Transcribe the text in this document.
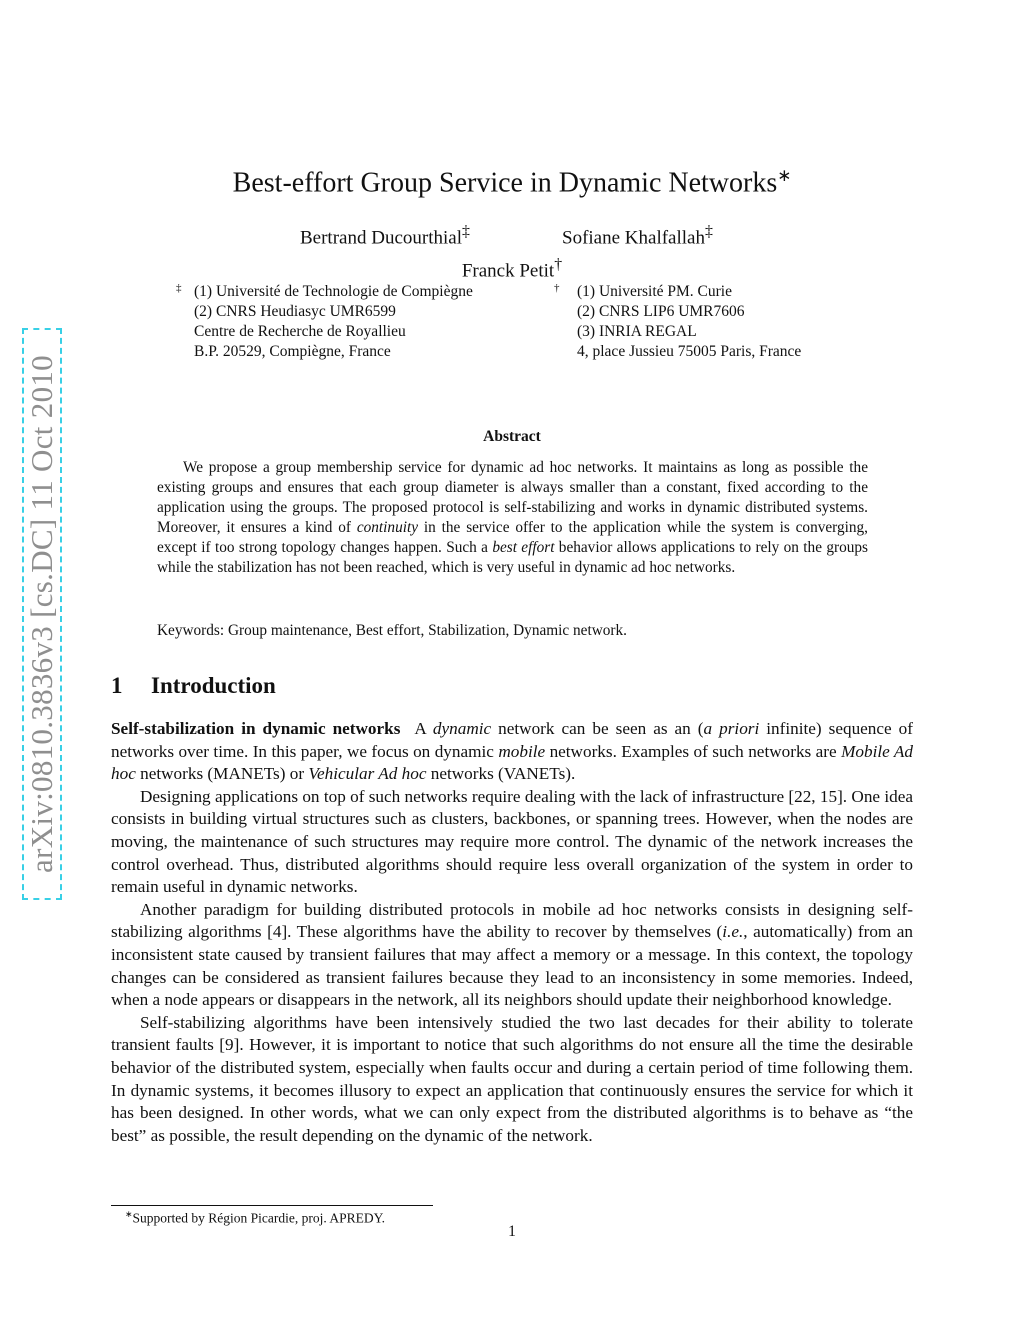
arXiv:0810.3836v3 [cs.DC] 11 Oct 2010
Best-effort Group Service in Dynamic Networks∗
Bertrand Ducourthial‡	Sofiane Khalfallah‡
Franck Petit†
‡ (1) Université de Technologie de Compiègne
(2) CNRS Heudiasyc UMR6599
Centre de Recherche de Royallieu
B.P. 20529, Compiègne, France
† (1) Université PM. Curie
(2) CNRS LIP6 UMR7606
(3) INRIA REGAL
4, place Jussieu 75005 Paris, France
Abstract

We propose a group membership service for dynamic ad hoc networks. It maintains as long as possible the existing groups and ensures that each group diameter is always smaller than a constant, fixed according to the application using the groups. The proposed protocol is self-stabilizing and works in dynamic distributed systems. Moreover, it ensures a kind of continuity in the service offer to the application while the system is converging, except if too strong topology changes happen. Such a best effort behavior allows applications to rely on the groups while the stabilization has not been reached, which is very useful in dynamic ad hoc networks.

Keywords: Group maintenance, Best effort, Stabilization, Dynamic network.

1 Introduction

Self-stabilization in dynamic networks A dynamic network can be seen as an (a priori infinite) sequence of networks over time. In this paper, we focus on dynamic mobile networks. Examples of such networks are Mobile Ad hoc networks (MANETs) or Vehicular Ad hoc networks (VANETs).

Designing applications on top of such networks require dealing with the lack of infrastructure [22, 15]. One idea consists in building virtual structures such as clusters, backbones, or spanning trees. However, when the nodes are moving, the maintenance of such structures may require more control. The dynamic of the network increases the control overhead. Thus, distributed algorithms should require less overall organization of the system in order to remain useful in dynamic networks.

Another paradigm for building distributed protocols in mobile ad hoc networks consists in designing self-stabilizing algorithms [4]. These algorithms have the ability to recover by themselves (i.e., automatically) from an inconsistent state caused by transient failures that may affect a memory or a message. In this context, the topology changes can be considered as transient failures because they lead to an inconsistency in some memories. Indeed, when a node appears or disappears in the network, all its neighbors should update their neighborhood knowledge.

Self-stabilizing algorithms have been intensively studied the two last decades for their ability to tolerate transient faults [9]. However, it is important to notice that such algorithms do not ensure all the time the desirable behavior of the distributed system, especially when faults occur and during a certain period of time following them. In dynamic systems, it becomes illusory to expect an application that continuously ensures the service for which it has been designed. In other words, what we can only expect from the distributed algorithms is to behave as “the best” as possible, the result depending on the dynamic of the network.

∗Supported by Région Picardie, proj. APREDY.
1
